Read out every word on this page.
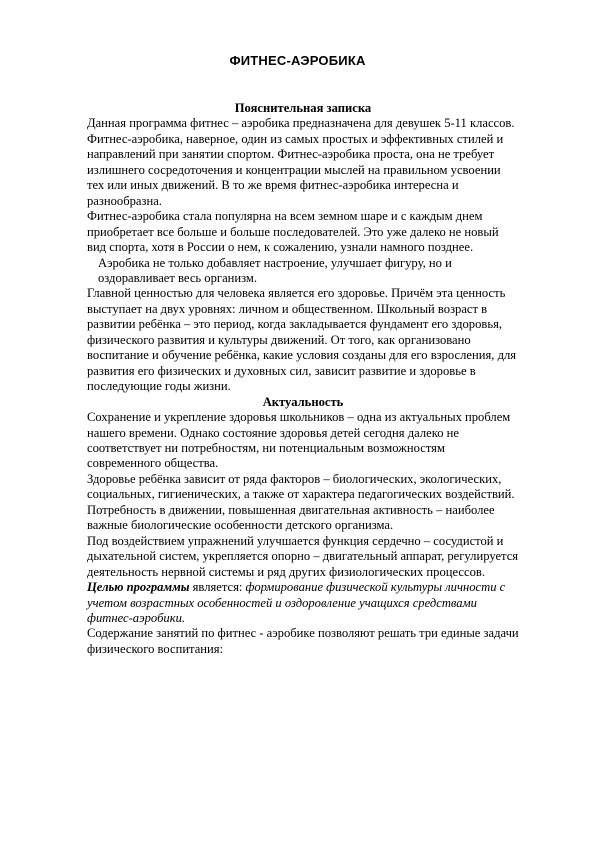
ФИТНЕС-АЭРОБИКА

Пояснительная записка

Данная программа фитнес – аэробика предназначена для девушек 5-11 классов.

Фитнес-аэробика, наверное, один из самых простых и эффективных стилей и направлений при занятии спортом. Фитнес-аэробика проста, она не требует излишнего сосредоточения и концентрации мыслей на правильном усвоении тех или иных движений. В то же время фитнес-аэробика интересна и разнообразна.

Фитнес-аэробика стала популярна на всем земном шаре и с каждым днем приобретает все больше и больше последователей. Это уже далеко не новый вид спорта, хотя в России о нем, к сожалению, узнали намного позднее.

Аэробика не только добавляет настроение, улучшает фигуру, но и оздоравливает весь организм.

Главной ценностью для человека является его здоровье. Причём эта ценность выступает на двух уровнях: личном и общественном. Школьный возраст в развитии ребёнка – это период, когда закладывается фундамент его здоровья, физического развития и культуры движений. От того, как организовано воспитание и обучение ребёнка, какие условия созданы для его взросления, для развития его физических и духовных сил, зависит развитие и здоровье в последующие годы жизни.

Актуальность

Сохранение и укрепление здоровья школьников – одна из актуальных проблем нашего времени. Однако состояние здоровья детей сегодня далеко не соответствует ни потребностям, ни потенциальным возможностям современного общества.

Здоровье ребёнка зависит от ряда факторов – биологических, экологических, социальных, гигиенических, а также от характера педагогических воздействий.

Потребность в движении, повышенная двигательная активность – наиболее важные биологические особенности детского организма.

Под воздействием упражнений улучшается функция сердечно – сосудистой и дыхательной систем, укрепляется опорно – двигательный аппарат, регулируется деятельность нервной системы и ряд других физиологических процессов.

Целью программы является: формирование физической культуры личности с учетом возрастных особенностей и оздоровление учащихся средствами фитнес-аэробики.

Содержание занятий по фитнес - аэробике позволяют решать три единые задачи физического воспитания:
